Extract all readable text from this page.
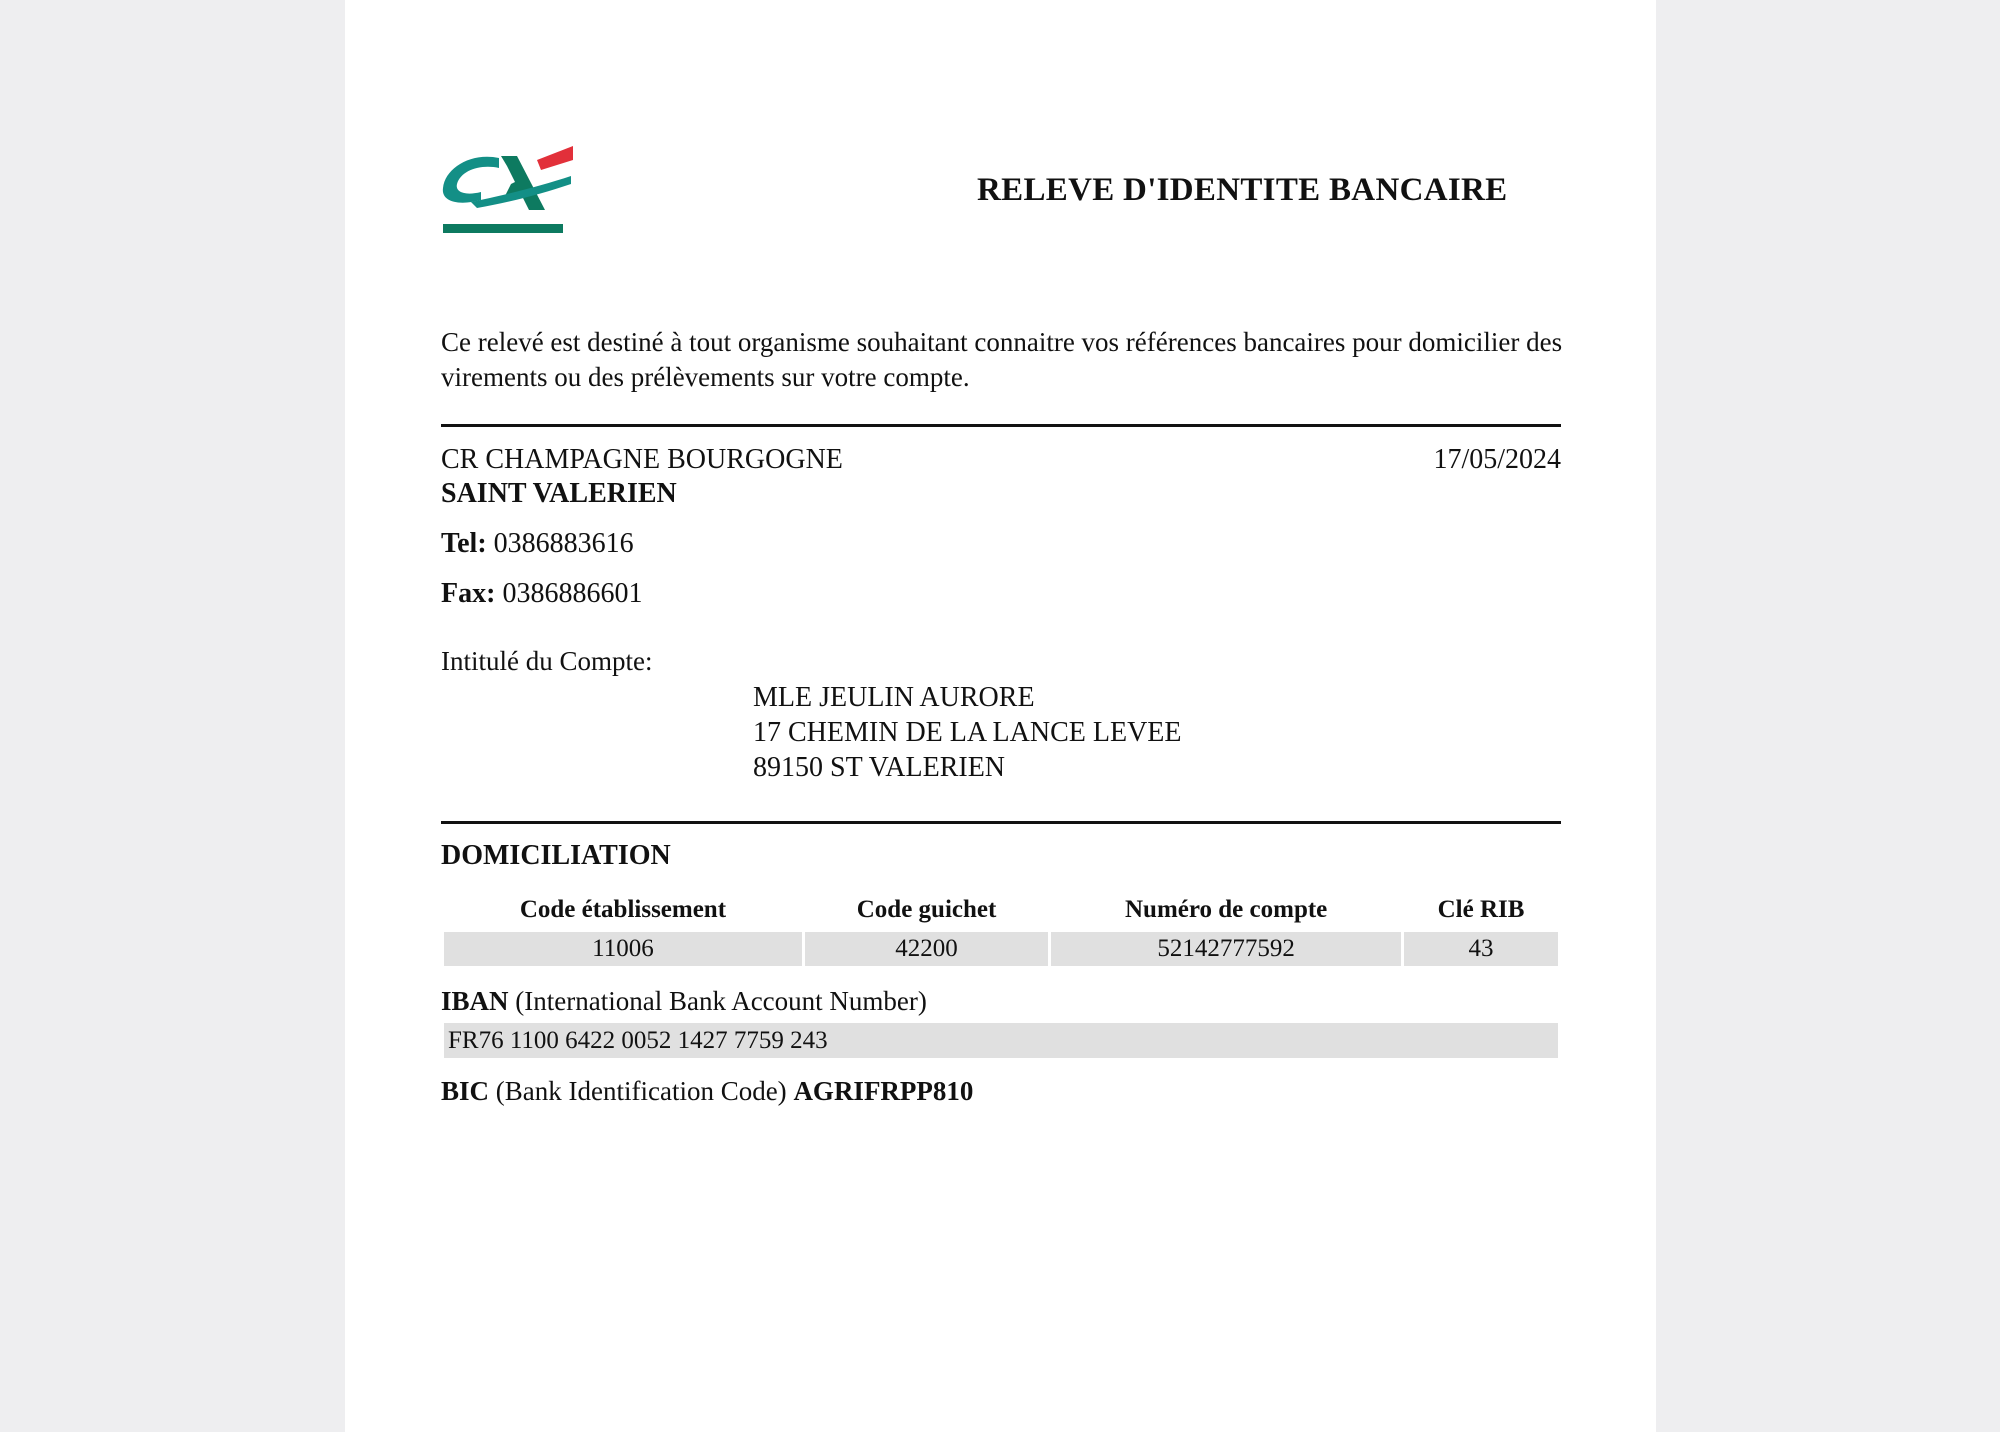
RELEVE D'IDENTITE BANCAIRE
Ce relevé est destiné à tout organisme souhaitant connaitre vos références bancaires pour domicilier des virements ou des prélèvements sur votre compte.
CR CHAMPAGNE BOURGOGNE	17/05/2024
SAINT VALERIEN
Tel: 0386883616
Fax: 0386886601
Intitulé du Compte:
MLE JEULIN AURORE
17 CHEMIN DE LA LANCE LEVEE
89150 ST VALERIEN
DOMICILIATION
Code établissement	Code guichet	Numéro de compte	Clé RIB
11006	42200	52142777592	43
IBAN (International Bank Account Number)
FR76 1100 6422 0052 1427 7759 243
BIC (Bank Identification Code) AGRIFRPP810
